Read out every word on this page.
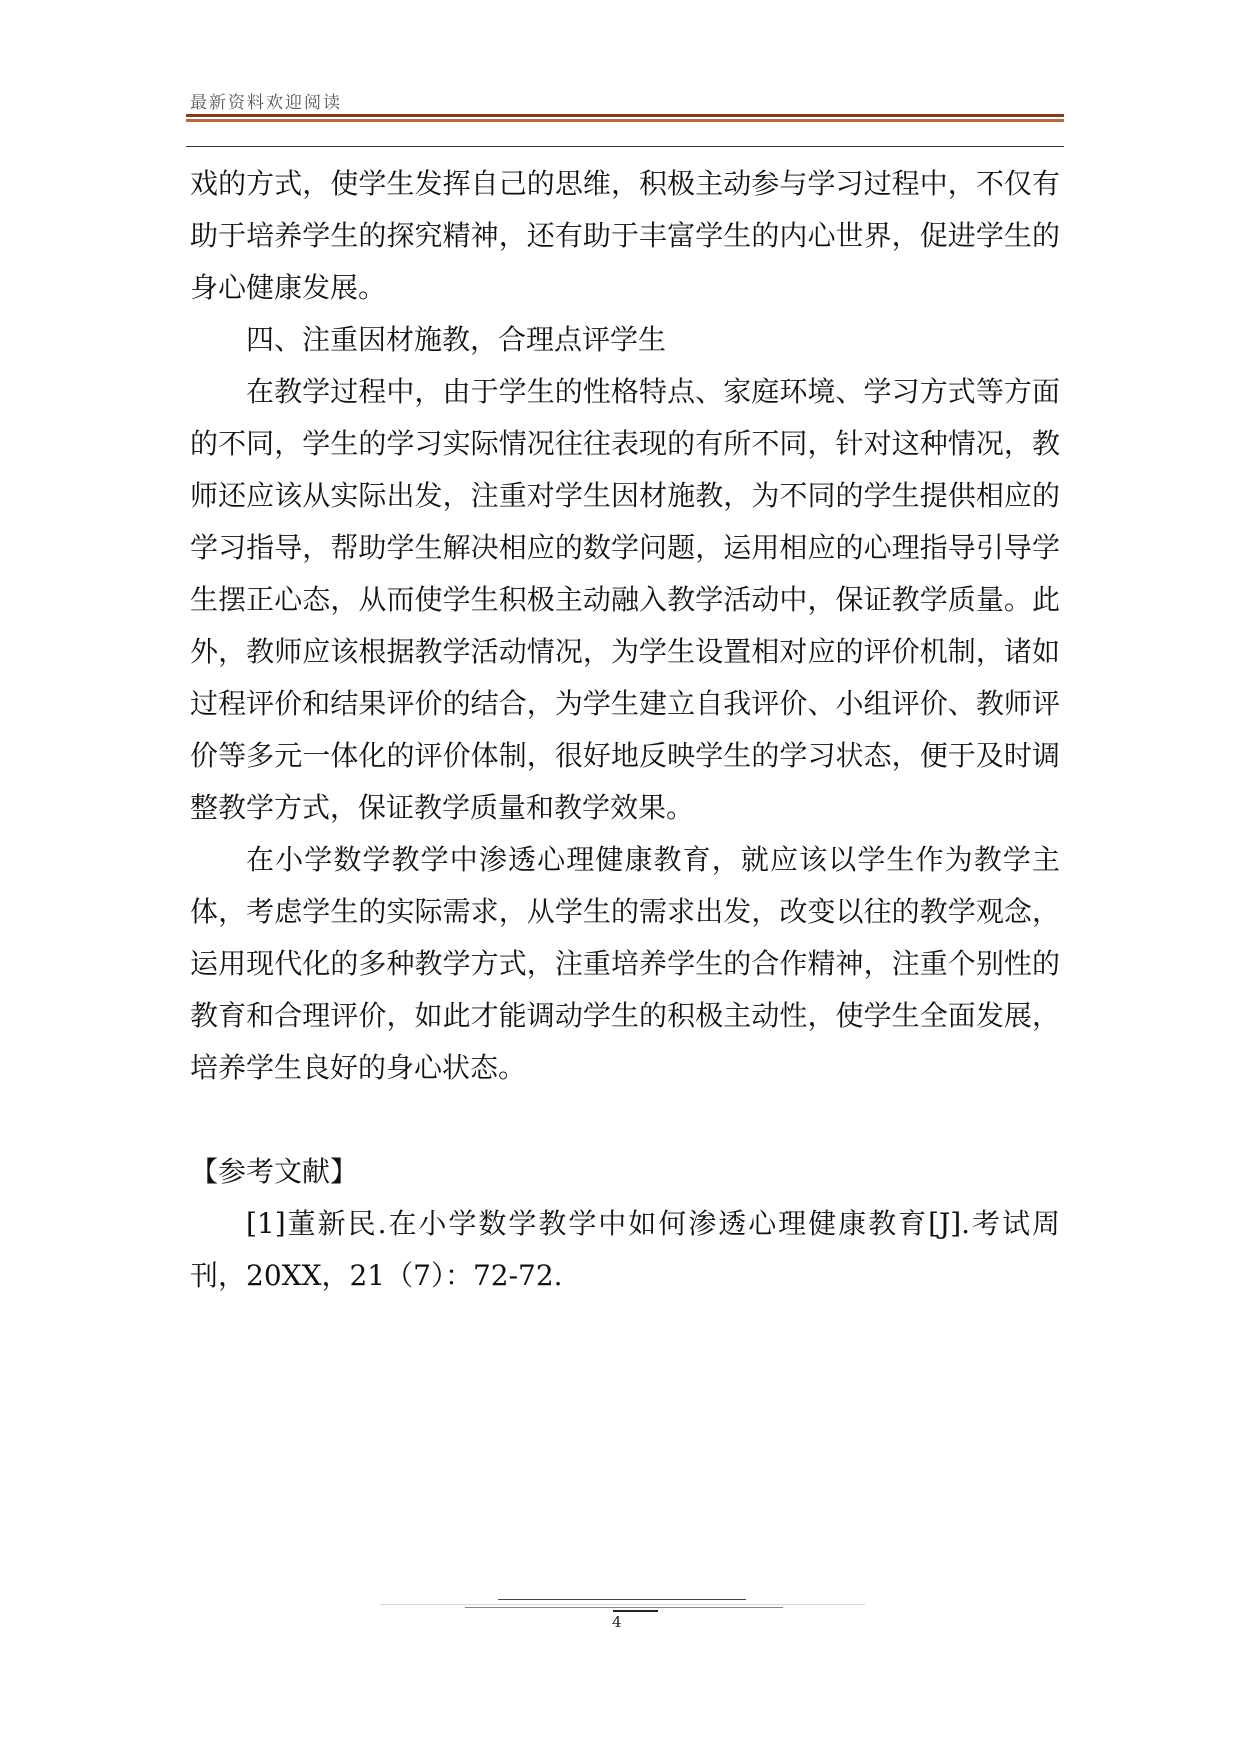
最新资料欢迎阅读

戏的方式，使学生发挥自己的思维，积极主动参与学习过程中，不仅有助于培养学生的探究精神，还有助于丰富学生的内心世界，促进学生的身心健康发展。

四、注重因材施教，合理点评学生

在教学过程中，由于学生的性格特点、家庭环境、学习方式等方面的不同，学生的学习实际情况往往表现的有所不同，针对这种情况，教师还应该从实际出发，注重对学生因材施教，为不同的学生提供相应的学习指导，帮助学生解决相应的数学问题，运用相应的心理指导引导学生摆正心态，从而使学生积极主动融入教学活动中，保证教学质量。此外，教师应该根据教学活动情况，为学生设置相对应的评价机制，诸如过程评价和结果评价的结合，为学生建立自我评价、小组评价、教师评价等多元一体化的评价体制，很好地反映学生的学习状态，便于及时调整教学方式，保证教学质量和教学效果。

在小学数学教学中渗透心理健康教育，就应该以学生作为教学主体，考虑学生的实际需求，从学生的需求出发，改变以往的教学观念，运用现代化的多种教学方式，注重培养学生的合作精神，注重个别性的教育和合理评价，如此才能调动学生的积极主动性，使学生全面发展，培养学生良好的身心状态。

【参考文献】

[1]董新民.在小学数学教学中如何渗透心理健康教育[J].考试周刊，20XX，21（7）：72-72.

4
